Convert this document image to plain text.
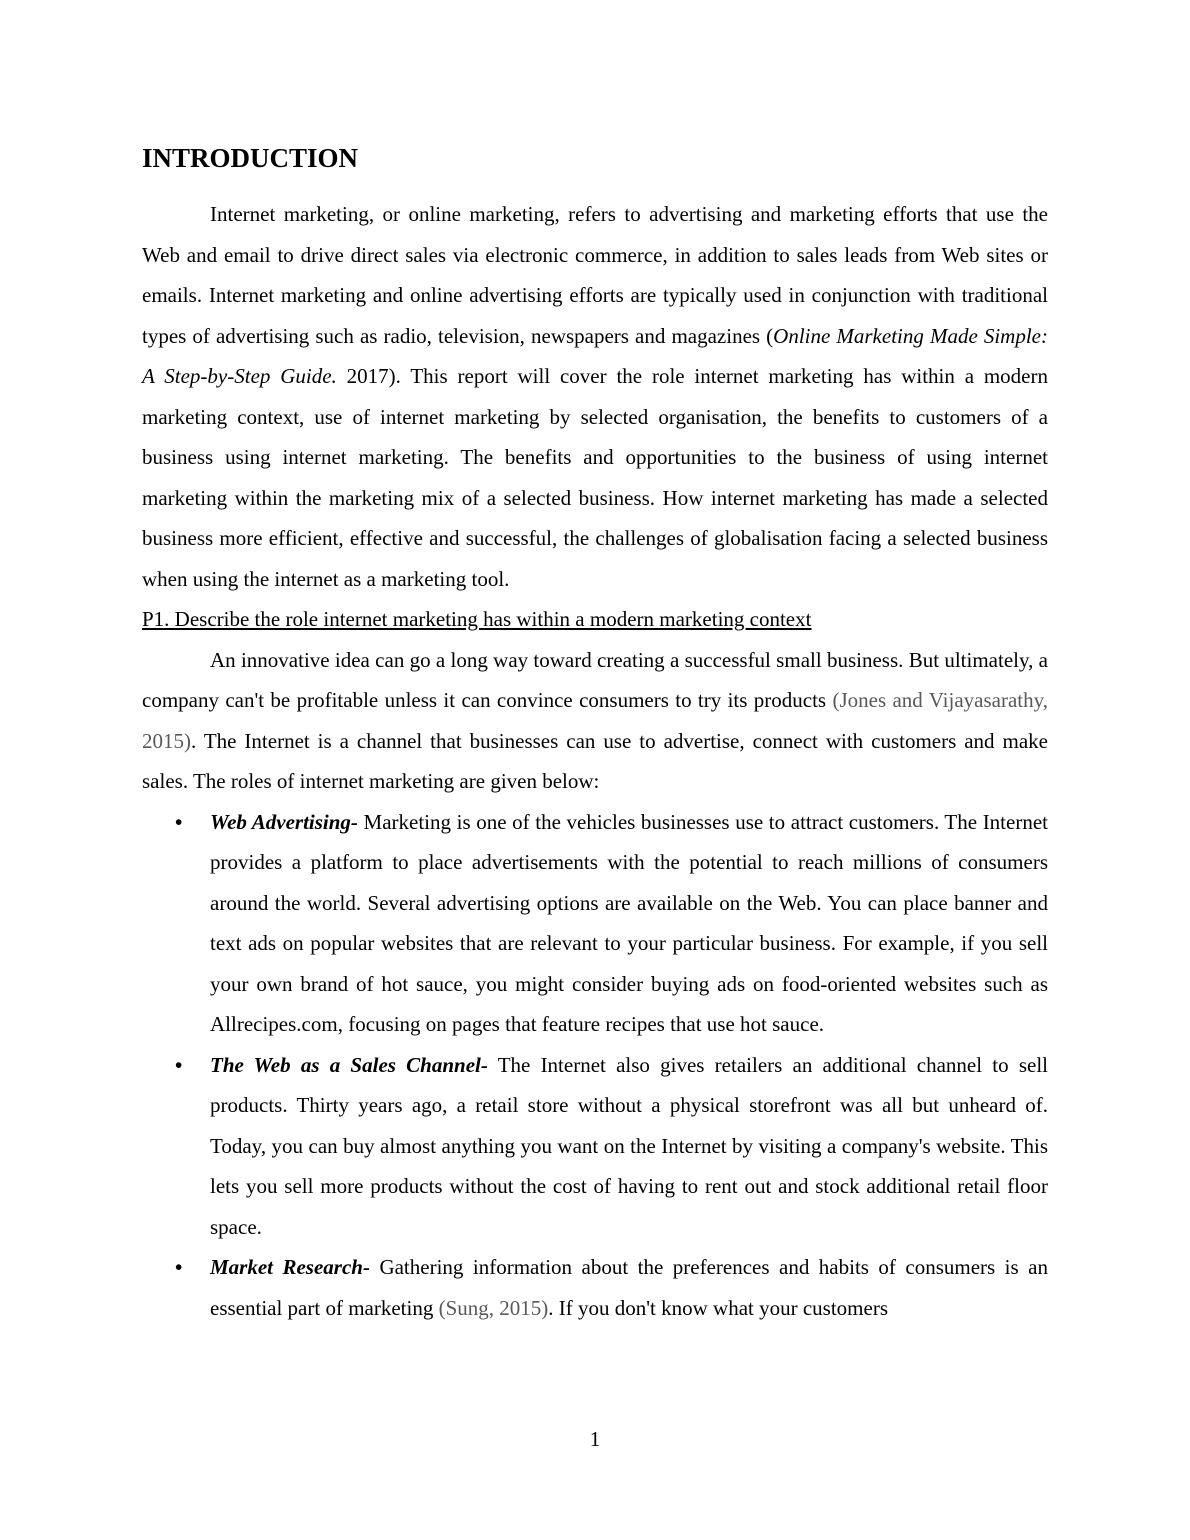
INTRODUCTION

Internet marketing, or online marketing, refers to advertising and marketing efforts that use the Web and email to drive direct sales via electronic commerce, in addition to sales leads from Web sites or emails. Internet marketing and online advertising efforts are typically used in conjunction with traditional types of advertising such as radio, television, newspapers and magazines (Online Marketing Made Simple: A Step-by-Step Guide. 2017). This report will cover the role internet marketing has within a modern marketing context, use of internet marketing by selected organisation, the benefits to customers of a business using internet marketing. The benefits and opportunities to the business of using internet marketing within the marketing mix of a selected business. How internet marketing has made a selected business more efficient, effective and successful, the challenges of globalisation facing a selected business when using the internet as a marketing tool.

P1. Describe the role internet marketing has within a modern marketing context

An innovative idea can go a long way toward creating a successful small business. But ultimately, a company can't be profitable unless it can convince consumers to try its products (Jones and Vijayasarathy, 2015). The Internet is a channel that businesses can use to advertise, connect with customers and make sales. The roles of internet marketing are given below:

• Web Advertising- Marketing is one of the vehicles businesses use to attract customers. The Internet provides a platform to place advertisements with the potential to reach millions of consumers around the world. Several advertising options are available on the Web. You can place banner and text ads on popular websites that are relevant to your particular business. For example, if you sell your own brand of hot sauce, you might consider buying ads on food-oriented websites such as Allrecipes.com, focusing on pages that feature recipes that use hot sauce.
• The Web as a Sales Channel- The Internet also gives retailers an additional channel to sell products. Thirty years ago, a retail store without a physical storefront was all but unheard of. Today, you can buy almost anything you want on the Internet by visiting a company's website. This lets you sell more products without the cost of having to rent out and stock additional retail floor space.
• Market Research- Gathering information about the preferences and habits of consumers is an essential part of marketing (Sung, 2015). If you don't know what your customers
1
